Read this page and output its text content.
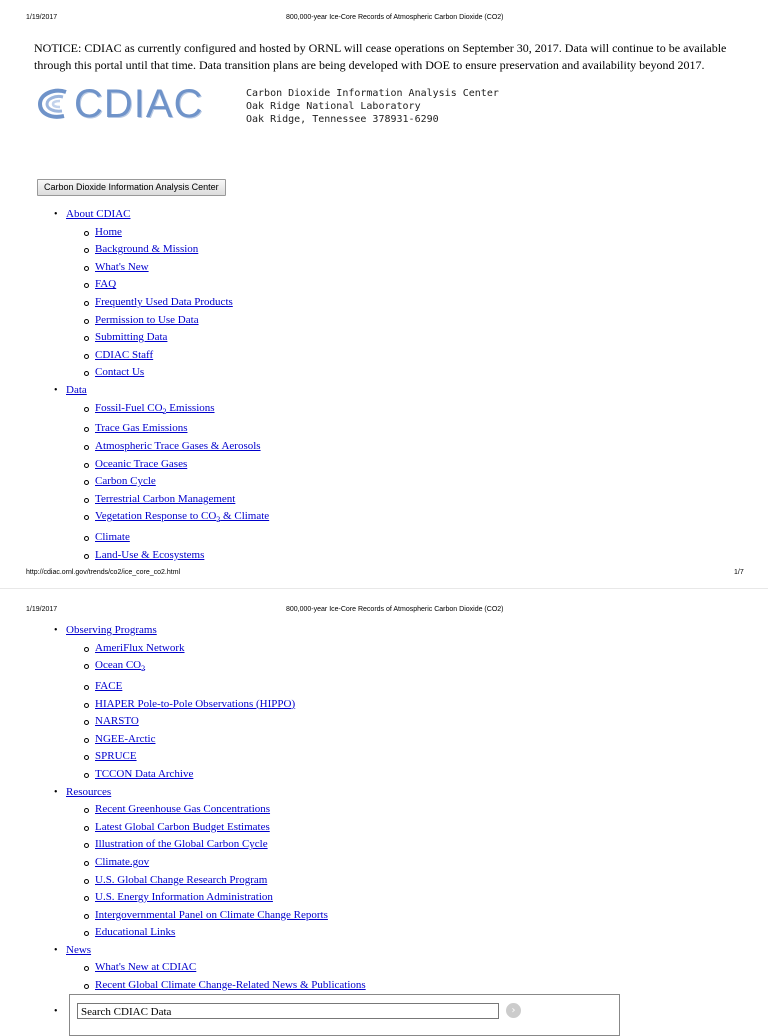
1/19/2017	800,000-year Ice-Core Records of Atmospheric Carbon Dioxide (CO2)
NOTICE: CDIAC as currently configured and hosted by ORNL will cease operations on September 30, 2017. Data will continue to be available through this portal until that time. Data transition plans are being developed with DOE to ensure preservation and availability beyond 2017.
CDIAC	Carbon Dioxide Information Analysis Center
Oak Ridge National Laboratory
Oak Ridge, Tennessee 378931-6290
Carbon Dioxide Information Analysis Center
• About CDIAC
Home
Background & Mission
What's New
FAQ
Frequently Used Data Products
Permission to Use Data
Submitting Data
CDIAC Staff
Contact Us
• Data
Fossil-Fuel $CO_2$ Emissions
Trace Gas Emissions
Atmospheric Trace Gases & Aerosols
Oceanic Trace Gases
Carbon Cycle
Terrestrial Carbon Management
Vegetation Response to $CO_2$ & Climate
Climate
Land-Use & Ecosystems
http://cdiac.ornl.gov/trends/co2/ice_core_co2.html	1/7
1/19/2017	800,000-year Ice-Core Records of Atmospheric Carbon Dioxide (CO2)
• Observing Programs
AmeriFlux Network
Ocean $CO_2$
FACE
HIAPER Pole-to-Pole Observations (HIPPO)
NARSTO
NGEE-Arctic
SPRUCE
TCCON Data Archive
• Resources
Recent Greenhouse Gas Concentrations
Latest Global Carbon Budget Estimates
Illustration of the Global Carbon Cycle
Climate.gov
U.S. Global Change Research Program
U.S. Energy Information Administration
Intergovernmental Panel on Climate Change Reports
Educational Links
• News
What's New at CDIAC
Recent Global Climate Change-Related News & Publications
•	Search CDIAC Data	›
